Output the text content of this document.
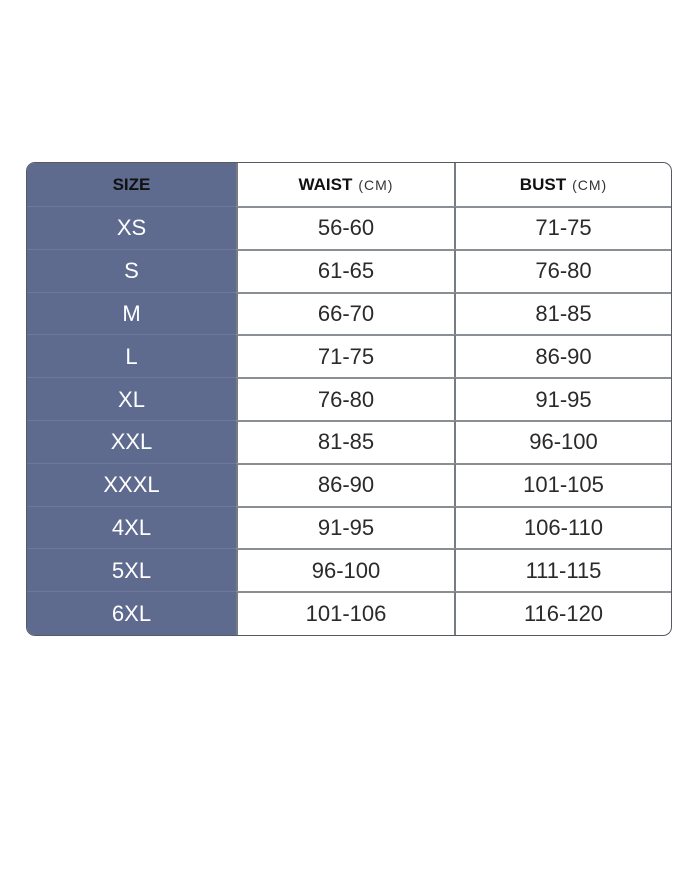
SIZE	WAIST (CM)	BUST (CM)
XS	56-60	71-75
S	61-65	76-80
M	66-70	81-85
L	71-75	86-90
XL	76-80	91-95
XXL	81-85	96-100
XXXL	86-90	101-105
4XL	91-95	106-110
5XL	96-100	111-115
6XL	101-106	116-120
